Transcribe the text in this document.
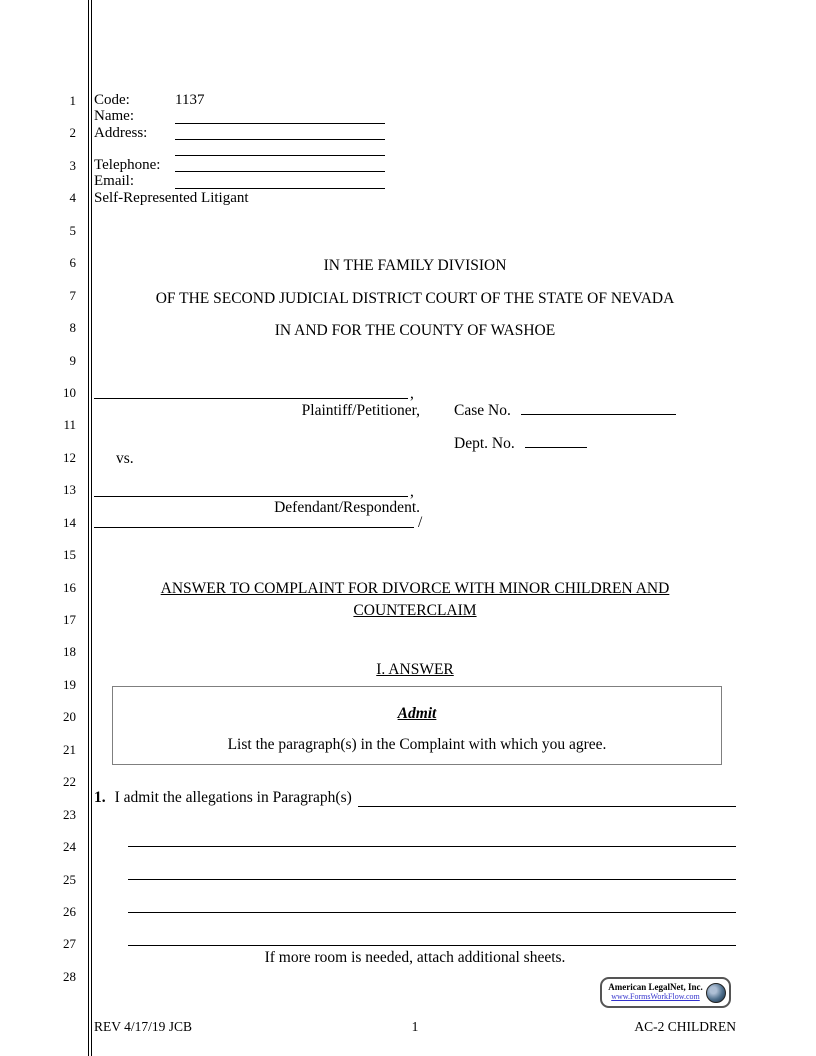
1
2
3
4
5
6
7
8
9
10
11
12
13
14
15
16
17
18
19
20
21
22
23
24
25
26
27
28
Code:	1137
Name:
Address:
Telephone:
Email:
Self-Represented Litigant
IN THE FAMILY DIVISION
OF THE SECOND JUDICIAL DISTRICT COURT OF THE STATE OF NEVADA
IN AND FOR THE COUNTY OF WASHOE
,
Plaintiff/Petitioner, Case No.
Dept. No.
vs.
,
Defendant/Respondent.
/
ANSWER TO COMPLAINT FOR DIVORCE WITH MINOR CHILDREN AND COUNTERCLAIM
I. ANSWER
Admit
List the paragraph(s) in the Complaint with which you agree.
1. I admit the allegations in Paragraph(s)
If more room is needed, attach additional sheets.
American LegalNet, Inc.
www.FormsWorkFlow.com
REV 4/17/19 JCB	1	AC-2 CHILDREN
